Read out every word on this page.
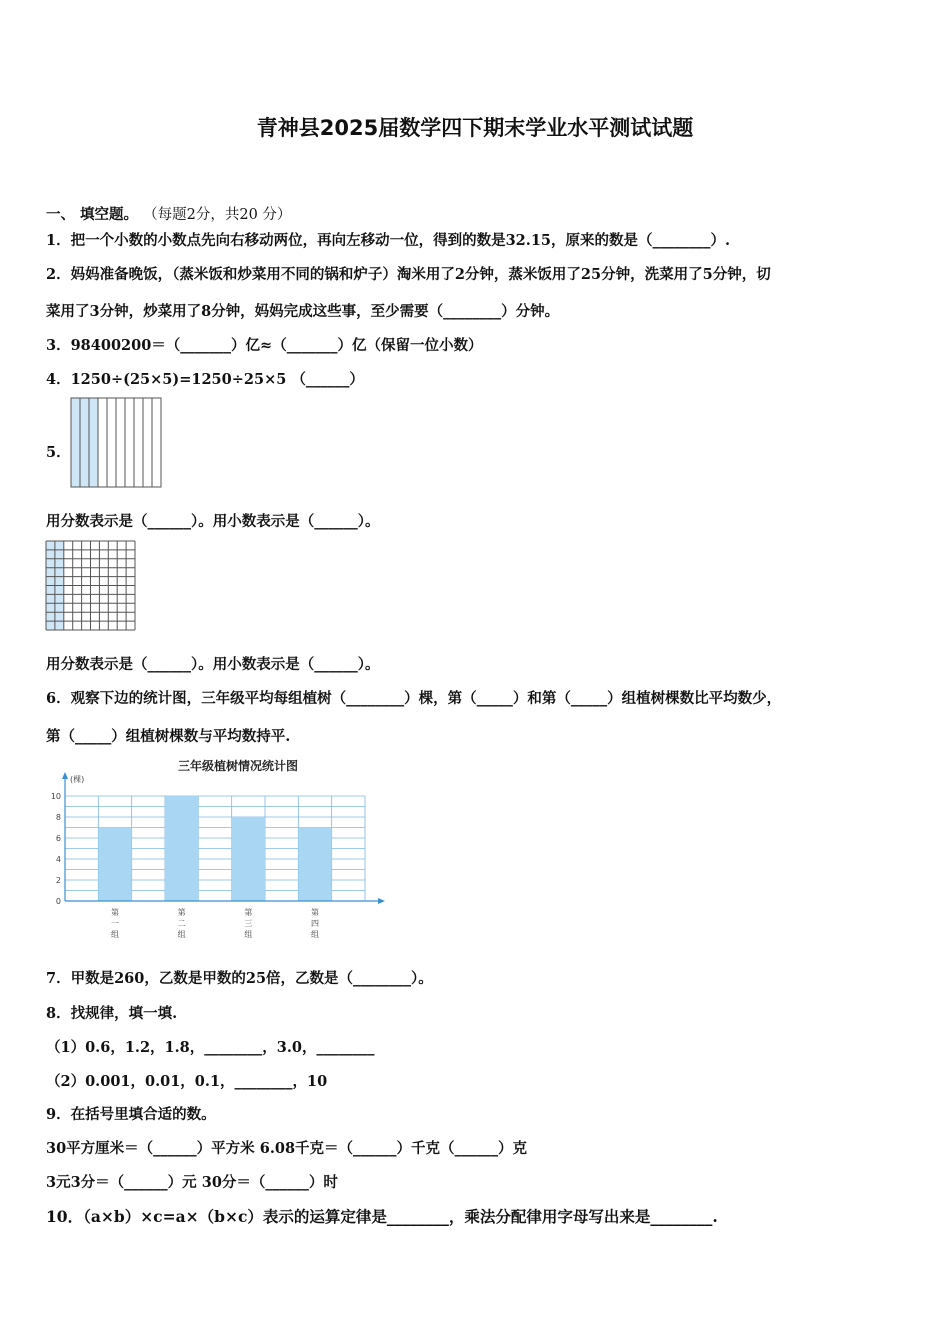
青神县2025届数学四下期末学业水平测试试题
一、 填空题。 （每题2分，共20 分）
1．把一个小数的小数点先向右移动两位，再向左移动一位，得到的数是32.15，原来的数是（________）.
2．妈妈准备晚饭，（蒸米饭和炒菜用不同的锅和炉子）淘米用了2分钟，蒸米饭用了25分钟，洗菜用了5分钟，切
菜用了3分钟，炒菜用了8分钟，妈妈完成这些事，至少需要（________）分钟。
3．98400200＝（_______）亿≈（_______）亿（保留一位小数）
4．1250÷(25×5)=1250÷25×5 （______）
5．
用分数表示是（______）。用小数表示是（______）。
用分数表示是（______）。用小数表示是（______）。
6．观察下边的统计图，三年级平均每组植树（________）棵，第（_____）和第（_____）组植树棵数比平均数少，
第（_____）组植树棵数与平均数持平.
三年级植树情况统计图
(棵)
0
2
4
6
8
10
第一组
第二组
第三组
第四组
7．甲数是260，乙数是甲数的25倍，乙数是（________）。
8．找规律，填一填.
（1）0.6，1.2，1.8，________，3.0，________
（2）0.001，0.01，0.1，________，10
9．在括号里填合适的数。
30平方厘米＝（______）平方米 6.08千克＝（______）千克（______）克
3元3分＝（______）元 30分＝（______）时
10．（a×b）×c=a×（b×c）表示的运算定律是________，乘法分配律用字母写出来是________.
